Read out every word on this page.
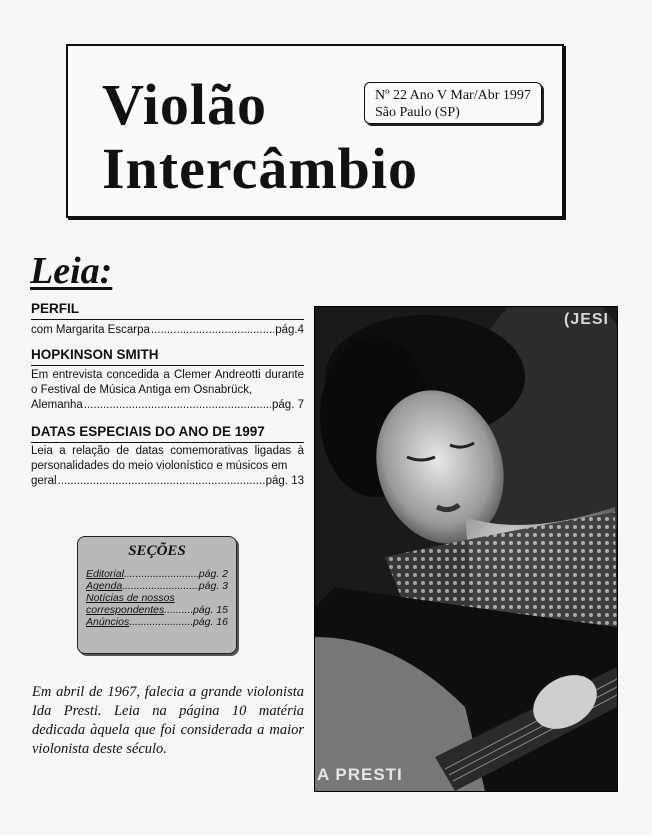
Violão
Intercâmbio
Nº 22 Ano V Mar/Abr 1997
São Paulo (SP)
Leia:
PERFIL
com Margarita Escarpa .....	pág.4
HOPKINSON SMITH
Em entrevista concedida a Clemer Andreotti durante o Festival de Música Antiga em Osnabrück,
Alemanha .....	pág. 7
DATAS ESPECIAIS DO ANO DE 1997
Leia a relação de datas comemorativas ligadas à personalidades do meio violonístico e músicos em
geral .....	pág. 13
SEÇÕES
Editorial .....	pág. 2
Agenda .....	pág. 3
Notícias de nossos
correspondentes .....	pág. 15
Anúncios .....	pág. 16
Em abril de 1967, falecia a grande violonista Ida Presti. Leia na página 10 matéria dedicada àquela que foi considerada a maior violonista deste século.
(JESI
A PRESTI
